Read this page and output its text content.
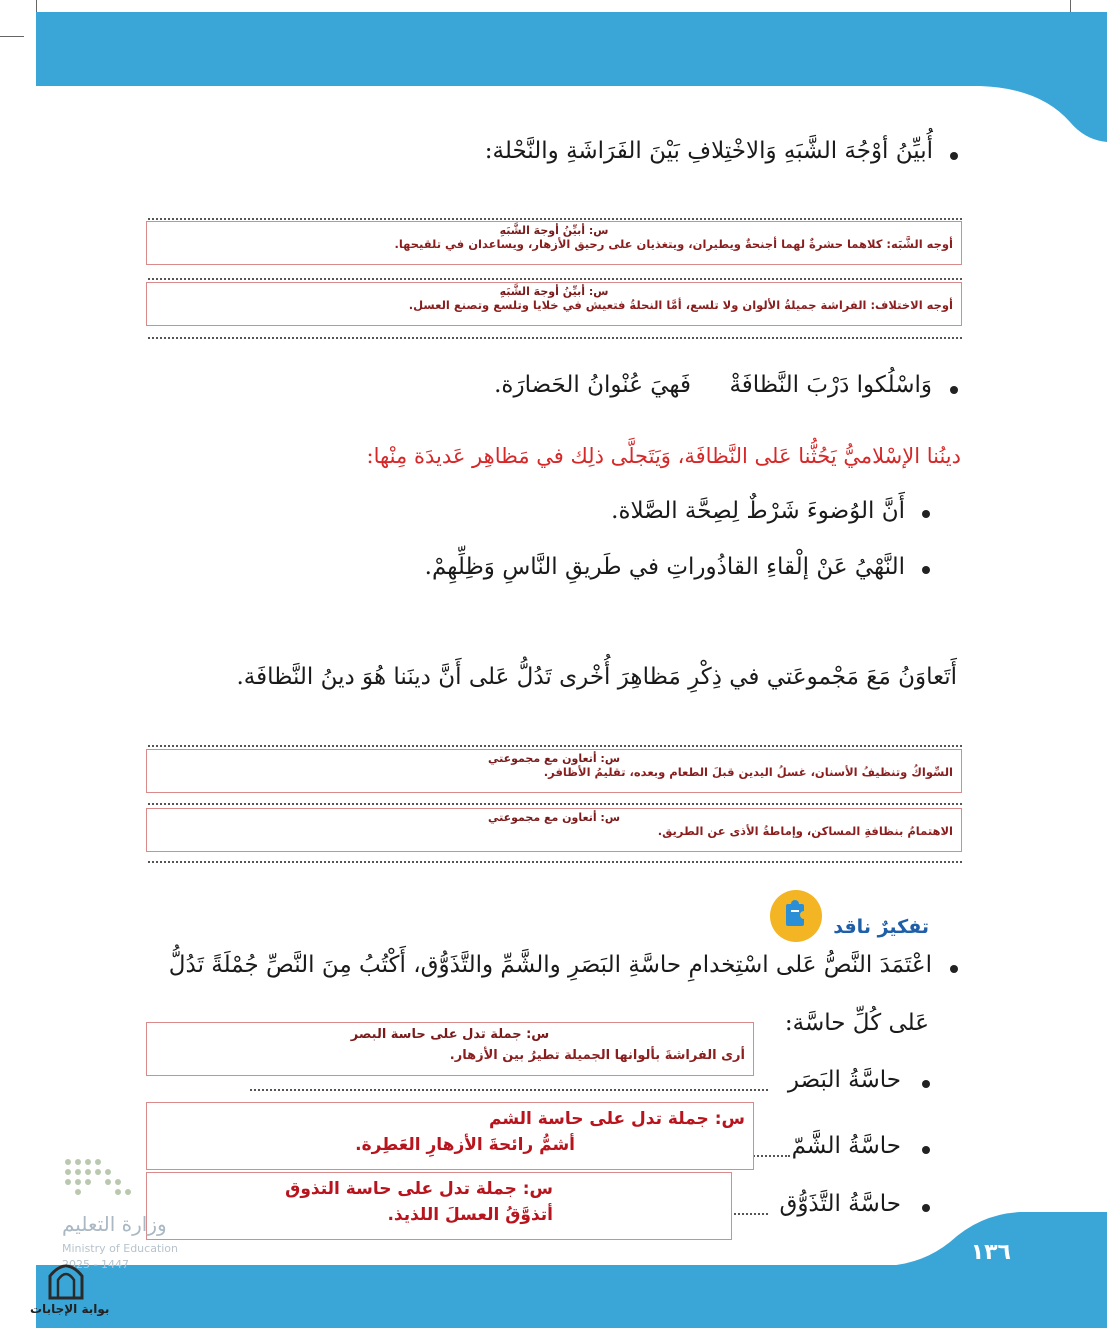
أُبيِّنُ أوْجُهَ الشَّبَهِ وَالاخْتِلافِ بَيْنَ الفَرَاشَةِ والنَّحْلة:
س: أبيِّنُ أوجهَ الشَّبَهِ
أوجه الشَّبَه: كلاهما حشرةٌ لهما أجنحةٌ ويطيران، ويتغذيان على رحيق الأزهار، ويساعدان في تلقيحها.
س: أبيِّنُ أوجهَ الشَّبَهِ
أوجه الاختلاف: الفراشة جميلةُ الألوان ولا تلسع، أمَّا النحلةُ فتعيش في خلايا وتلسع وتصنع العسل.
وَاسْلُكوا دَرْبَ النَّظافَةْ
فَهيَ عُنْوانُ الحَضارَة.
دينُنا الإسْلاميُّ يَحُثُّنا عَلى النَّظافَة، وَيَتَجلَّى ذلِك في مَظاهِر عَديدَة مِنْها:
أَنَّ الوُضوءَ شَرْطٌ لِصِحَّة الصَّلاة.
النَّهْيُ عَنْ إلْقاءِ القاذُوراتِ في طَريقِ النَّاسِ وَظِلِّهِمْ.
أَتَعاوَنُ مَعَ مَجْموعَتي في ذِكْرِ مَظاهِرَ أُخْرى تَدُلُّ عَلى أَنَّ دينَنا هُوَ دينُ النَّظافَة.
س: أتعاون مع مجموعتي
السِّواكُ وتنظيفُ الأسنان، غسلُ اليدين قبلَ الطعام وبعده، تقليمُ الأظافر.
س: أتعاون مع مجموعتي
الاهتمامُ بنظافةِ المساكن، وإماطةُ الأذى عن الطريق.
تفكيرٌ ناقد
اعْتَمَدَ النَّصُّ عَلى اسْتِخدامِ حاسَّةِ البَصَرِ والشَّمِّ والتَّذَوُّق، أَكْتُبُ مِنَ النَّصِّ جُمْلَةً تَدُلُّ
عَلى كُلِّ حاسَّة:
حاسَّةُ البَصَر
حاسَّةُ الشَّمّ
حاسَّةُ التَّذَوُّق
س: جملة تدل على حاسة البصر
أرى الفراشةَ بألوانها الجميلة تطيرُ بين الأزهار.
س: جملة تدل على حاسة الشم
أشمُّ رائحةَ الأزهارِ العَطِرة.
س: جملة تدل على حاسة التذوق
أتذوَّقُ العسلَ اللذيذ.
وزارة التعليم
Ministry of Education	١٣٦
2025 - 1447
بوابة الإجابات
